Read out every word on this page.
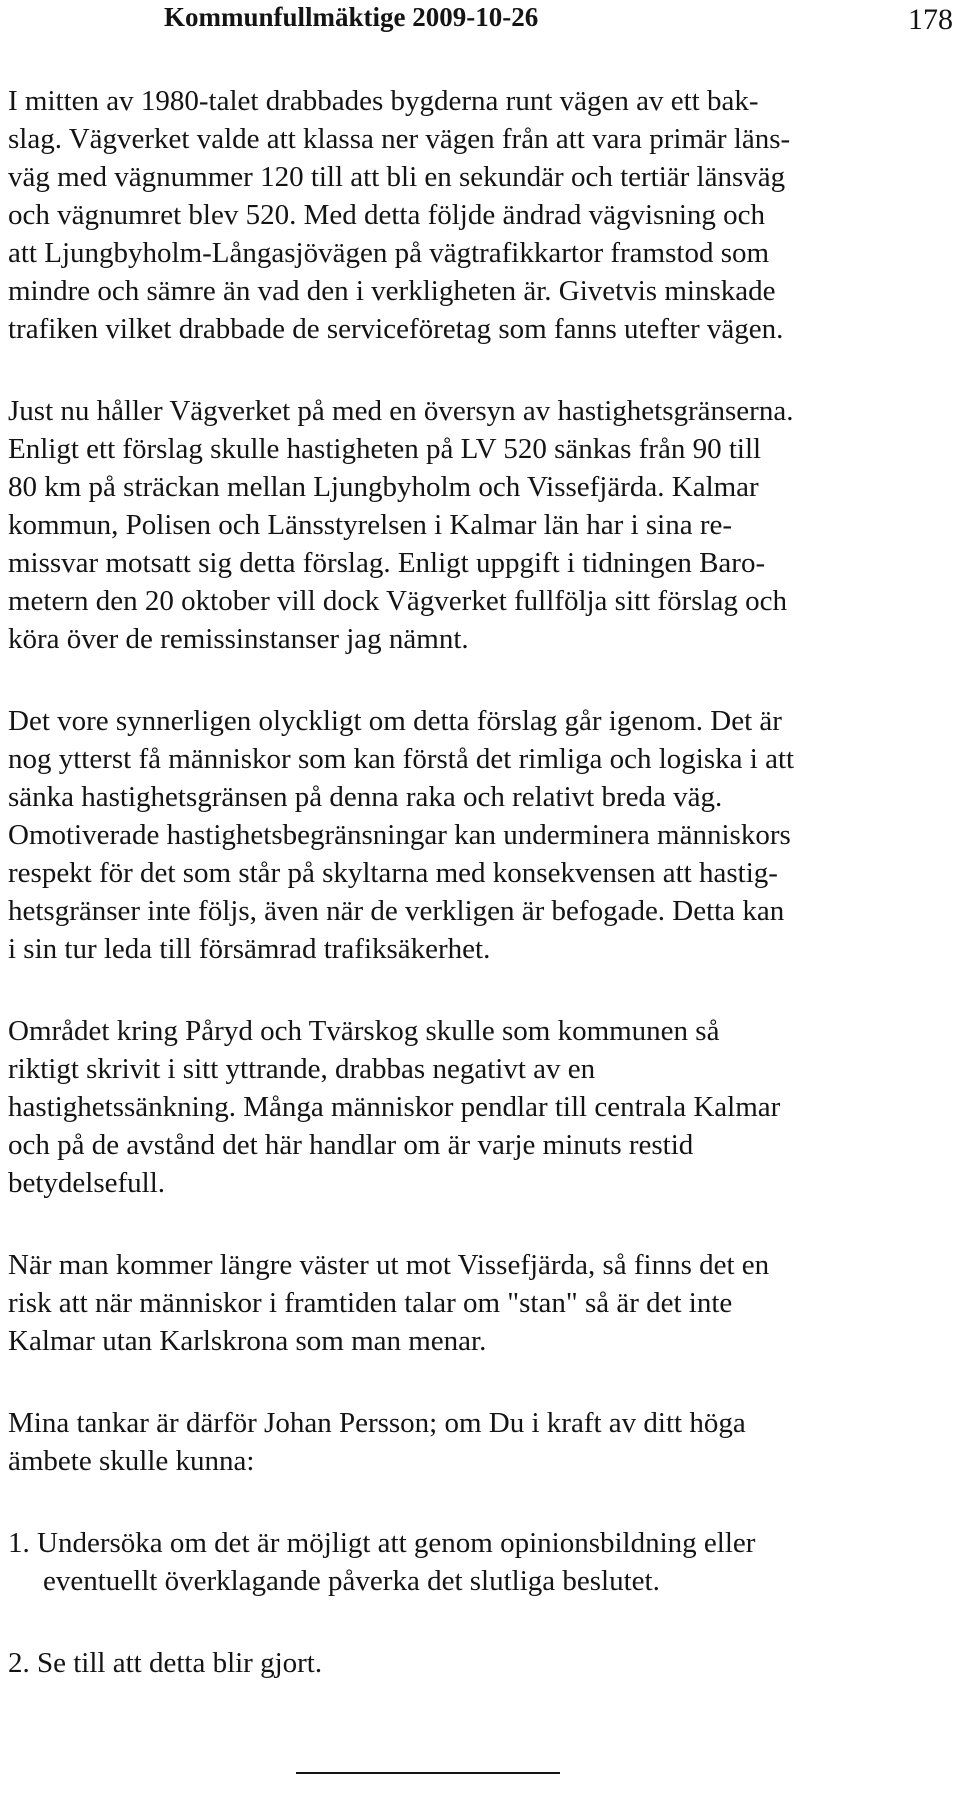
Kommunfullmäktige 2009-10-26	178
I mitten av 1980-talet drabbades bygderna runt vägen av ett bak-
slag. Vägverket valde att klassa ner vägen från att vara primär läns-
väg med vägnummer 120 till att bli en sekundär och tertiär länsväg
och vägnumret blev 520. Med detta följde ändrad vägvisning och
att Ljungbyholm-Långasjövägen på vägtrafikkartor framstod som
mindre och sämre än vad den i verkligheten är. Givetvis minskade
trafiken vilket drabbade de serviceföretag som fanns utefter vägen.
Just nu håller Vägverket på med en översyn av hastighetsgränserna.
Enligt ett förslag skulle hastigheten på LV 520 sänkas från 90 till
80 km på sträckan mellan Ljungbyholm och Vissefjärda. Kalmar
kommun, Polisen och Länsstyrelsen i Kalmar län har i sina re-
missvar motsatt sig detta förslag. Enligt uppgift i tidningen Baro-
metern den 20 oktober vill dock Vägverket fullfölja sitt förslag och
köra över de remissinstanser jag nämnt.
Det vore synnerligen olyckligt om detta förslag går igenom. Det är
nog ytterst få människor som kan förstå det rimliga och logiska i att
sänka hastighetsgränsen på denna raka och relativt breda väg.
Omotiverade hastighetsbegränsningar kan underminera människors
respekt för det som står på skyltarna med konsekvensen att hastig-
hetsgränser inte följs, även när de verkligen är befogade. Detta kan
i sin tur leda till försämrad trafiksäkerhet.
Området kring Påryd och Tvärskog skulle som kommunen så
riktigt skrivit i sitt yttrande, drabbas negativt av en
hastighetssänkning. Många människor pendlar till centrala Kalmar
och på de avstånd det här handlar om är varje minuts restid
betydelsefull.
När man kommer längre väster ut mot Vissefjärda, så finns det en
risk att när människor i framtiden talar om "stan" så är det inte
Kalmar utan Karlskrona som man menar.
Mina tankar är därför Johan Persson; om Du i kraft av ditt höga
ämbete skulle kunna:
1. Undersöka om det är möjligt att genom opinionsbildning eller
eventuellt överklagande påverka det slutliga beslutet.
2. Se till att detta blir gjort.
